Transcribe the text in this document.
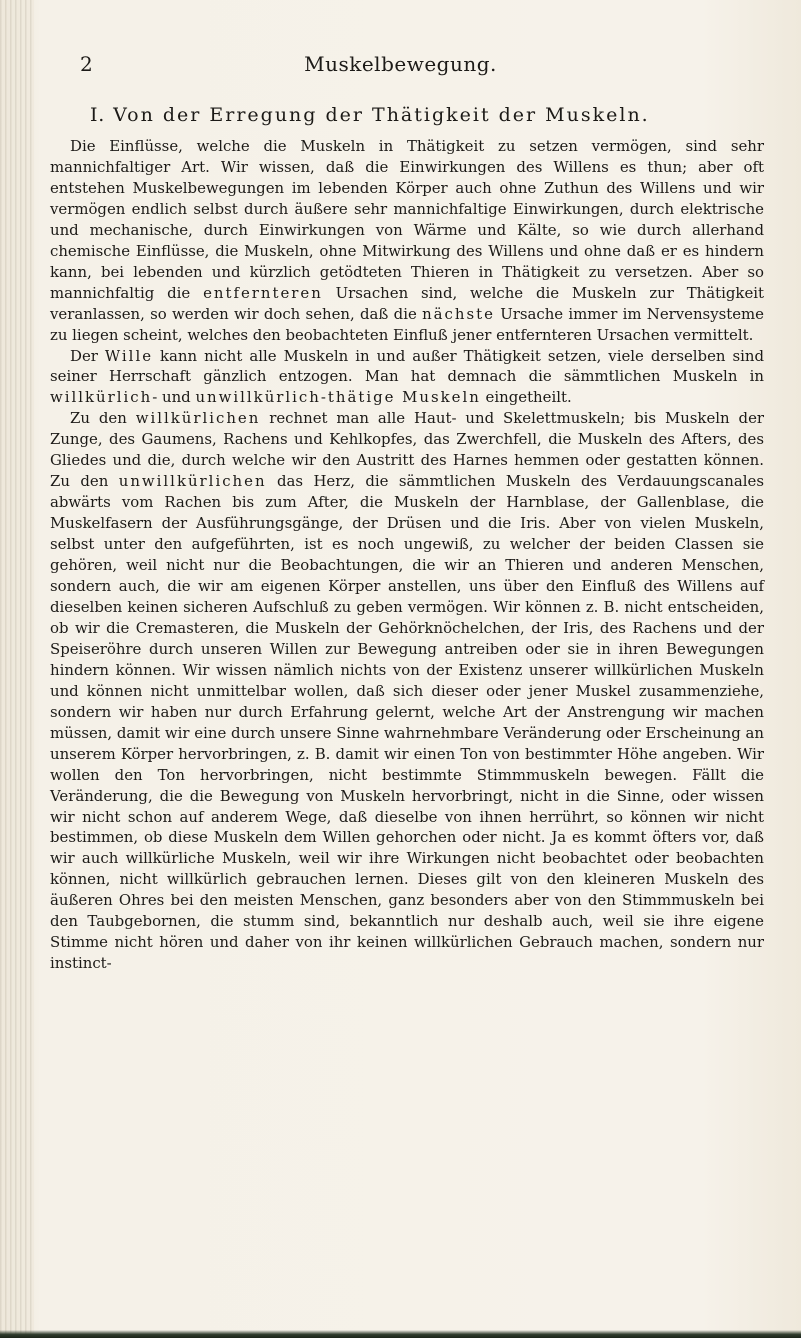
2	Muskelbewegung.
I. Von der Erregung der Thätigkeit der Muskeln.

Die Einflüsse, welche die Muskeln in Thätigkeit zu setzen vermögen, sind sehr mannichfaltiger Art. Wir wissen, daß die Einwirkungen des Willens es thun; aber oft entstehen Muskelbewegungen im lebenden Körper auch ohne Zuthun des Willens und wir vermögen endlich selbst durch äußere sehr mannichfaltige Einwirkungen, durch elektrische und mechanische, durch Einwirkungen von Wärme und Kälte, so wie durch allerhand chemische Einflüsse, die Muskeln, ohne Mitwirkung des Willens und ohne daß er es hindern kann, bei lebenden und kürzlich getödteten Thieren in Thätigkeit zu versetzen. Aber so mannichfaltig die entfernteren Ursachen sind, welche die Muskeln zur Thätigkeit veranlassen, so werden wir doch sehen, daß die nächste Ursache immer im Nervensysteme zu liegen scheint, welches den beobachteten Einfluß jener entfernteren Ursachen vermittelt.

Der Wille kann nicht alle Muskeln in und außer Thätigkeit setzen, viele derselben sind seiner Herrschaft gänzlich entzogen. Man hat demnach die sämmtlichen Muskeln in willkürlich- und unwillkürlich-thätige Muskeln eingetheilt.

Zu den willkürlichen rechnet man alle Haut- und Skelettmuskeln; bis Muskeln der Zunge, des Gaumens, Rachens und Kehlkopfes, das Zwerchfell, die Muskeln des Afters, des Gliedes und die, durch welche wir den Austritt des Harnes hemmen oder gestatten können. Zu den unwillkürlichen das Herz, die sämmtlichen Muskeln des Verdauungscanales abwärts vom Rachen bis zum After, die Muskeln der Harnblase, der Gallenblase, die Muskelfasern der Ausführungsgänge, der Drüsen und die Iris. Aber von vielen Muskeln, selbst unter den aufgeführten, ist es noch ungewiß, zu welcher der beiden Classen sie gehören, weil nicht nur die Beobachtungen, die wir an Thieren und anderen Menschen, sondern auch, die wir am eigenen Körper anstellen, uns über den Einfluß des Willens auf dieselben keinen sicheren Aufschluß zu geben vermögen. Wir können z. B. nicht entscheiden, ob wir die Cremasteren, die Muskeln der Gehörknöchelchen, der Iris, des Rachens und der Speiseröhre durch unseren Willen zur Bewegung antreiben oder sie in ihren Bewegungen hindern können. Wir wissen nämlich nichts von der Existenz unserer willkürlichen Muskeln und können nicht unmittelbar wollen, daß sich dieser oder jener Muskel zusammenziehe, sondern wir haben nur durch Erfahrung gelernt, welche Art der Anstrengung wir machen müssen, damit wir eine durch unsere Sinne wahrnehmbare Veränderung oder Erscheinung an unserem Körper hervorbringen, z. B. damit wir einen Ton von bestimmter Höhe angeben. Wir wollen den Ton hervorbringen, nicht bestimmte Stimmmuskeln bewegen. Fällt die Veränderung, die die Bewegung von Muskeln hervorbringt, nicht in die Sinne, oder wissen wir nicht schon auf anderem Wege, daß dieselbe von ihnen herrührt, so können wir nicht bestimmen, ob diese Muskeln dem Willen gehorchen oder nicht. Ja es kommt öfters vor, daß wir auch willkürliche Muskeln, weil wir ihre Wirkungen nicht beobachtet oder beobachten können, nicht willkürlich gebrauchen lernen. Dieses gilt von den kleineren Muskeln des äußeren Ohres bei den meisten Menschen, ganz besonders aber von den Stimmmuskeln bei den Taubgebornen, die stumm sind, bekanntlich nur deshalb auch, weil sie ihre eigene Stimme nicht hören und daher von ihr keinen willkürlichen Gebrauch machen, sondern nur instinct-
